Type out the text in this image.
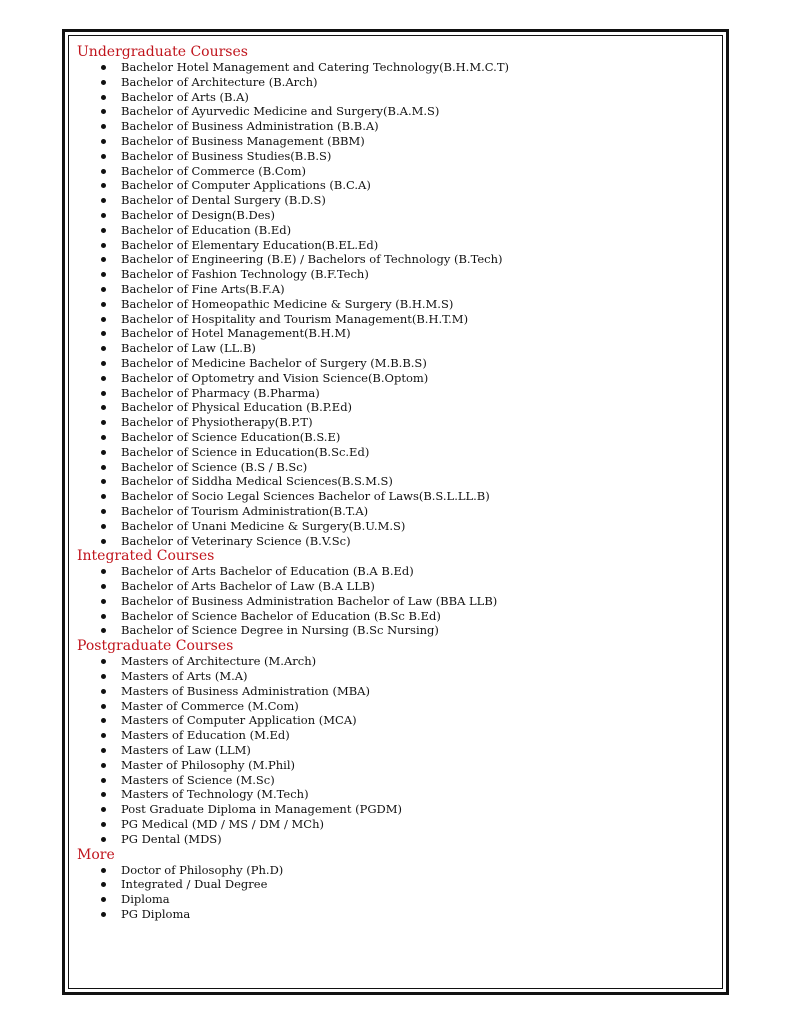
Undergraduate Courses
Bachelor Hotel Management and Catering Technology(B.H.M.C.T)
Bachelor of Architecture (B.Arch)
Bachelor of Arts (B.A)
Bachelor of Ayurvedic Medicine and Surgery(B.A.M.S)
Bachelor of Business Administration (B.B.A)
Bachelor of Business Management (BBM)
Bachelor of Business Studies(B.B.S)
Bachelor of Commerce (B.Com)
Bachelor of Computer Applications (B.C.A)
Bachelor of Dental Surgery (B.D.S)
Bachelor of Design(B.Des)
Bachelor of Education (B.Ed)
Bachelor of Elementary Education(B.EL.Ed)
Bachelor of Engineering (B.E) / Bachelors of Technology (B.Tech)
Bachelor of Fashion Technology (B.F.Tech)
Bachelor of Fine Arts(B.F.A)
Bachelor of Homeopathic Medicine & Surgery (B.H.M.S)
Bachelor of Hospitality and Tourism Management(B.H.T.M)
Bachelor of Hotel Management(B.H.M)
Bachelor of Law (LL.B)
Bachelor of Medicine Bachelor of Surgery (M.B.B.S)
Bachelor of Optometry and Vision Science(B.Optom)
Bachelor of Pharmacy (B.Pharma)
Bachelor of Physical Education (B.P.Ed)
Bachelor of Physiotherapy(B.P.T)
Bachelor of Science Education(B.S.E)
Bachelor of Science in Education(B.Sc.Ed)
Bachelor of Science (B.S / B.Sc)
Bachelor of Siddha Medical Sciences(B.S.M.S)
Bachelor of Socio Legal Sciences Bachelor of Laws(B.S.L.LL.B)
Bachelor of Tourism Administration(B.T.A)
Bachelor of Unani Medicine & Surgery(B.U.M.S)
Bachelor of Veterinary Science (B.V.Sc)
Integrated Courses
Bachelor of Arts Bachelor of Education (B.A B.Ed)
Bachelor of Arts Bachelor of Law (B.A LLB)
Bachelor of Business Administration Bachelor of Law (BBA LLB)
Bachelor of Science Bachelor of Education (B.Sc B.Ed)
Bachelor of Science Degree in Nursing (B.Sc Nursing)
Postgraduate Courses
Masters of Architecture (M.Arch)
Masters of Arts (M.A)
Masters of Business Administration (MBA)
Master of Commerce (M.Com)
Masters of Computer Application (MCA)
Masters of Education (M.Ed)
Masters of Law (LLM)
Master of Philosophy (M.Phil)
Masters of Science (M.Sc)
Masters of Technology (M.Tech)
Post Graduate Diploma in Management (PGDM)
PG Medical (MD / MS / DM / MCh)
PG Dental (MDS)
More
Doctor of Philosophy (Ph.D)
Integrated / Dual Degree
Diploma
PG Diploma
